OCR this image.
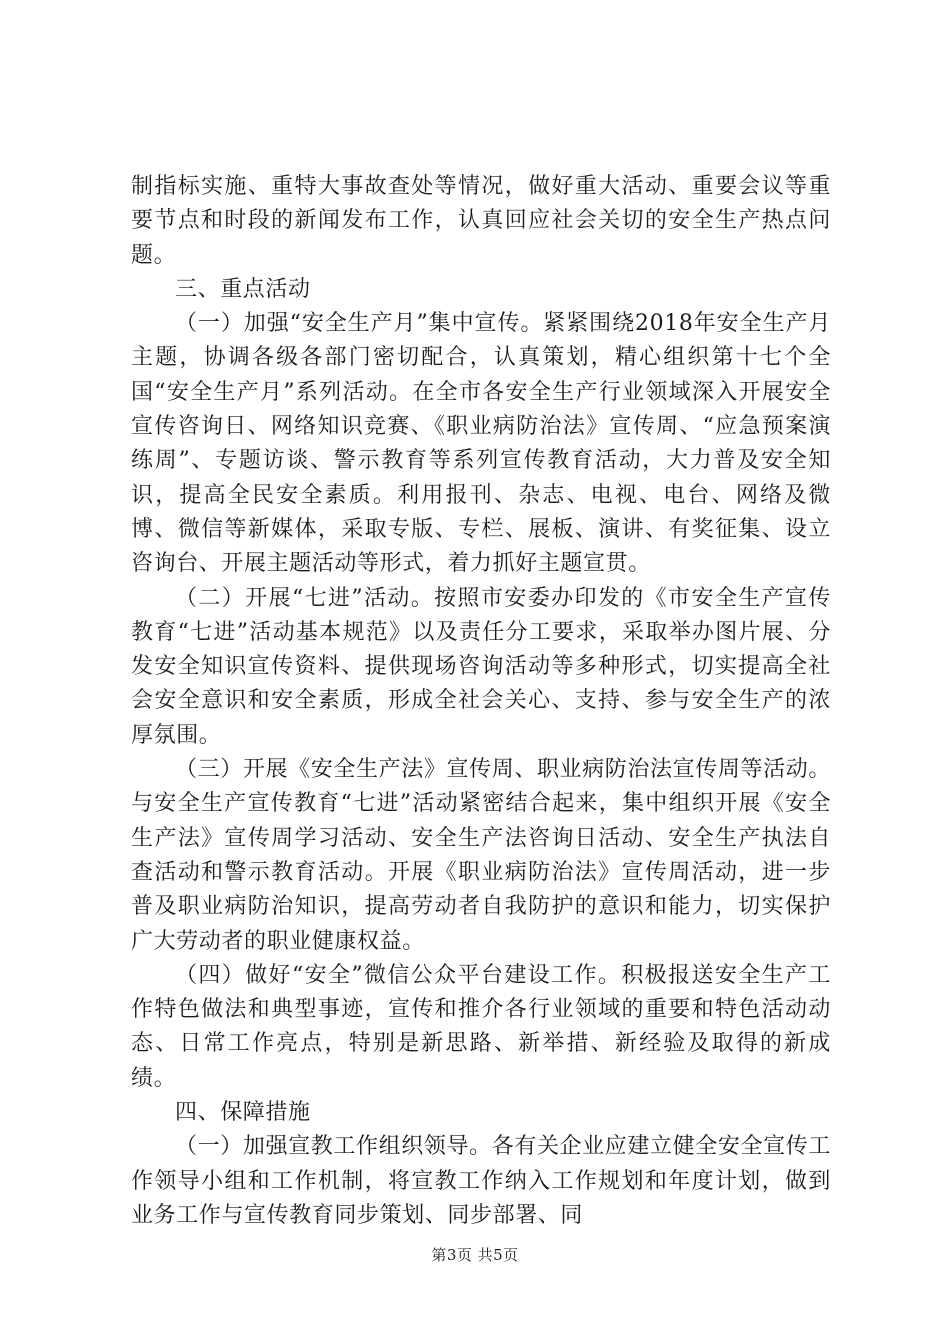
制指标实施、重特大事故查处等情况，做好重大活动、重要会议等重要节点和时段的新闻发布工作，认真回应社会关切的安全生产热点问题。

三、重点活动

（一）加强“安全生产月”集中宣传。紧紧围绕2018年安全生产月主题，协调各级各部门密切配合，认真策划，精心组织第十七个全国“安全生产月”系列活动。在全市各安全生产行业领域深入开展安全宣传咨询日、网络知识竞赛、《职业病防治法》宣传周、“应急预案演练周”、专题访谈、警示教育等系列宣传教育活动，大力普及安全知识，提高全民安全素质。利用报刊、杂志、电视、电台、网络及微博、微信等新媒体，采取专版、专栏、展板、演讲、有奖征集、设立咨询台、开展主题活动等形式，着力抓好主题宣贯。

（二）开展“七进”活动。按照市安委办印发的《市安全生产宣传教育“七进”活动基本规范》以及责任分工要求，采取举办图片展、分发安全知识宣传资料、提供现场咨询活动等多种形式，切实提高全社会安全意识和安全素质，形成全社会关心、支持、参与安全生产的浓厚氛围。

（三）开展《安全生产法》宣传周、职业病防治法宣传周等活动。与安全生产宣传教育“七进”活动紧密结合起来，集中组织开展《安全生产法》宣传周学习活动、安全生产法咨询日活动、安全生产执法自查活动和警示教育活动。开展《职业病防治法》宣传周活动，进一步普及职业病防治知识，提高劳动者自我防护的意识和能力，切实保护广大劳动者的职业健康权益。

（四）做好“安全”微信公众平台建设工作。积极报送安全生产工作特色做法和典型事迹，宣传和推介各行业领域的重要和特色活动动态、日常工作亮点，特别是新思路、新举措、新经验及取得的新成绩。

四、保障措施

（一）加强宣教工作组织领导。各有关企业应建立健全安全宣传工作领导小组和工作机制，将宣教工作纳入工作规划和年度计划，做到业务工作与宣传教育同步策划、同步部署、同

第3页 共5页
